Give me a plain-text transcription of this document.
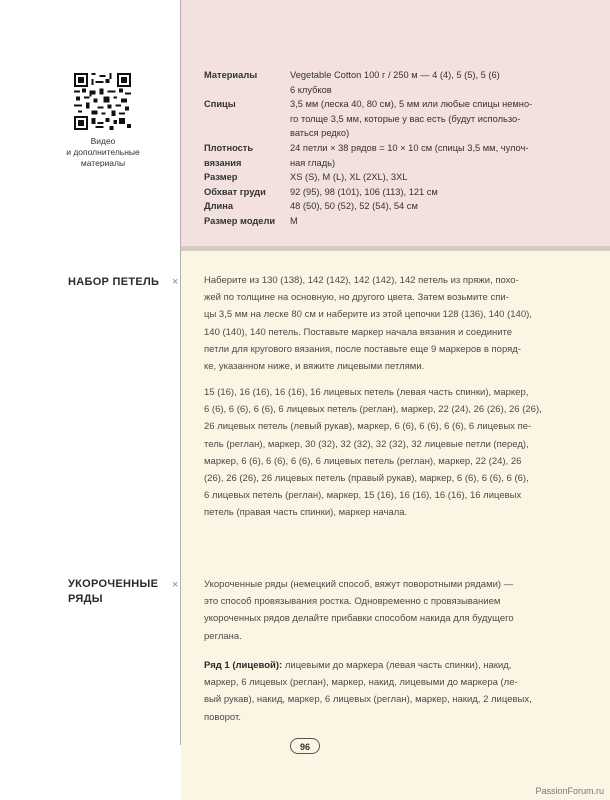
Видео
и дополнительные
материалы
Материалы	Vegetable Cotton 100 г / 250 м — 4 (4), 5 (5), 5 (6)
6 клубков
Спицы	3,5 мм (леска 40, 80 см), 5 мм или любые спицы немно-
го толще 3,5 мм, которые у вас есть (будут использо-
ваться редко)
Плотность вязания	24 петли × 38 рядов = 10 × 10 см (спицы 3,5 мм, чулоч-
ная гладь)
Размер	XS (S), M (L), XL (2XL), 3XL
Обхват груди	92 (95), 98 (101), 106 (113), 121 см
Длина	48 (50), 50 (52), 52 (54), 54 см
Размер модели	M
НАБОР ПЕТЕЛЬ	×	Наберите из 130 (138), 142 (142), 142 (142), 142 петель из пряжи, похо-
жей по толщине на основную, но другого цвета. Затем возьмите спи-
цы 3,5 мм на леске 80 см и наберите из этой цепочки 128 (136), 140 (140),
140 (140), 140 петель. Поставьте маркер начала вязания и соедините
петли для кругового вязания, после поставьте еще 9 маркеров в поряд-
ке, указанном ниже, и вяжите лицевыми петлями.

15 (16), 16 (16), 16 (16), 16 лицевых петель (левая часть спинки), маркер,
6 (6), 6 (6), 6 (6), 6 лицевых петель (реглан), маркер, 22 (24), 26 (26), 26 (26),
26 лицевых петель (левый рукав), маркер, 6 (6), 6 (6), 6 (6), 6 лицевых пе-
тель (реглан), маркер, 30 (32), 32 (32), 32 (32), 32 лицевые петли (перед),
маркер, 6 (6), 6 (6), 6 (6), 6 лицевых петель (реглан), маркер, 22 (24), 26
(26), 26 (26), 26 лицевых петель (правый рукав), маркер, 6 (6), 6 (6), 6 (6),
6 лицевых петель (реглан), маркер, 15 (16), 16 (16), 16 (16), 16 лицевых
петель (правая часть спинки), маркер начала.

УКОРОЧЕННЫЕ
РЯДЫ
×	Укороченные ряды (немецкий способ, вяжут поворотными рядами) —
это способ провязывания ростка. Одновременно с провязыванием
укороченных рядов делайте прибавки способом накида для будущего
реглана.

Ряд 1 (лицевой): лицевыми до маркера (левая часть спинки), накид,
маркер, 6 лицевых (реглан), маркер, накид, лицевыми до маркера (ле-
вый рукав), накид, маркер, 6 лицевых (реглан), маркер, накид, 2 лицевых,
поворот.

96
PassionForum.ru
